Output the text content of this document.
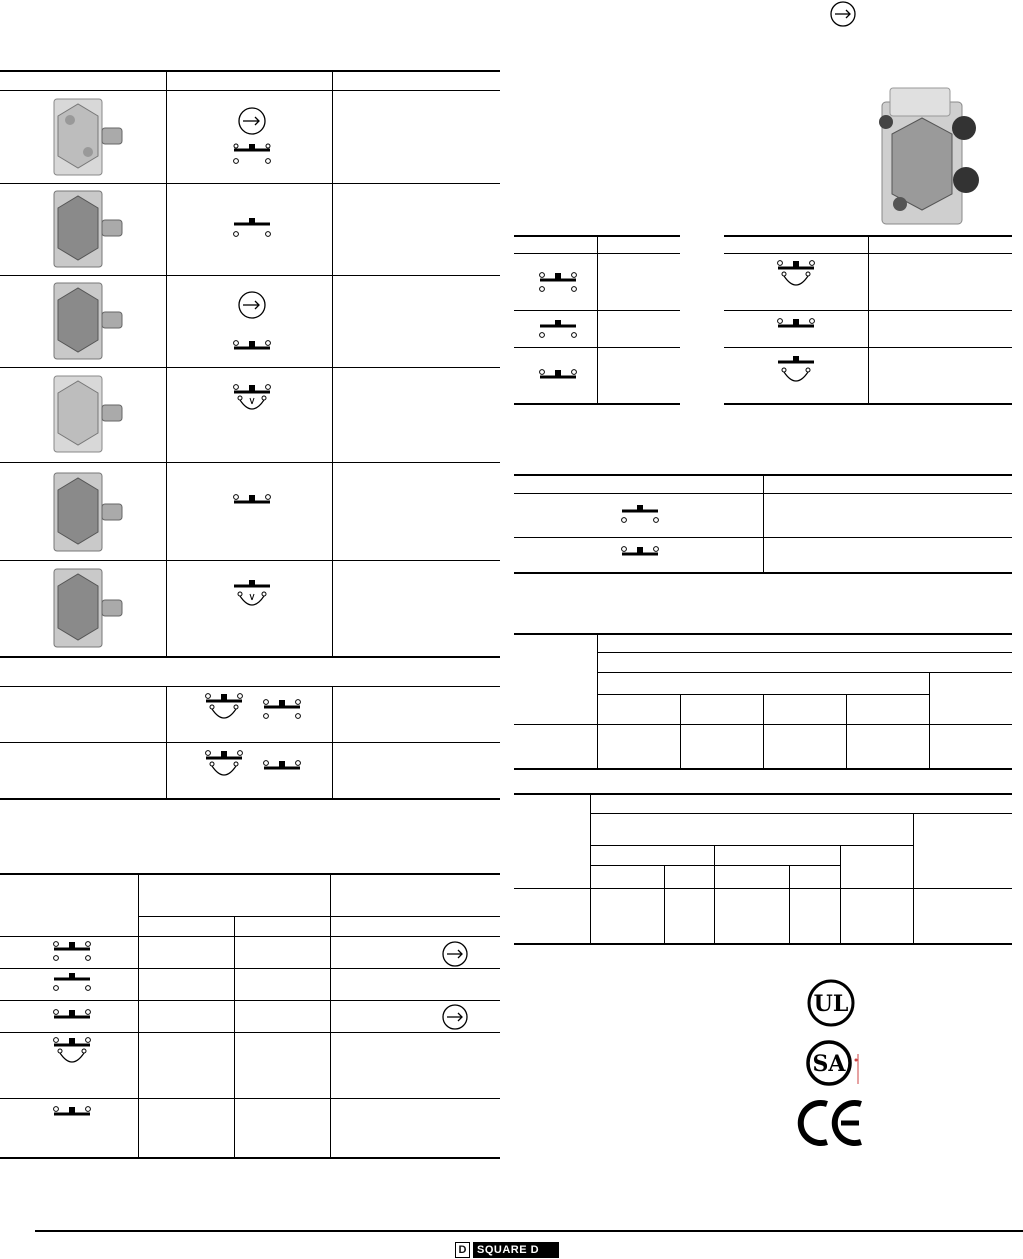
UL
SA
D SQUARE D
